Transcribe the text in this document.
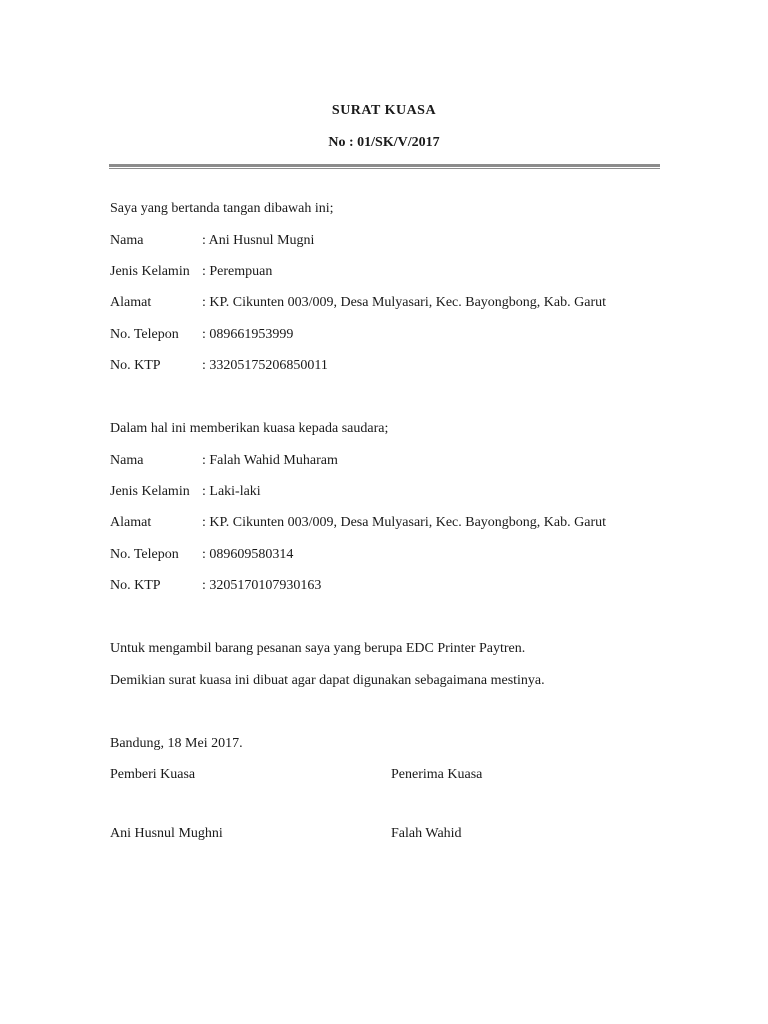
SURAT KUASA
No : 01/SK/V/2017
Saya yang bertanda tangan dibawah ini;
Nama	: Ani Husnul Mugni
Jenis Kelamin : Perempuan
Alamat	: KP. Cikunten 003/009, Desa Mulyasari, Kec. Bayongbong, Kab. Garut
No. Telepon : 089661953999
No. KTP	: 33205175206850011
Dalam hal ini memberikan kuasa kepada saudara;
Nama	: Falah Wahid Muharam
Jenis Kelamin : Laki-laki
Alamat	: KP. Cikunten 003/009, Desa Mulyasari, Kec. Bayongbong, Kab. Garut
No. Telepon : 089609580314
No. KTP	: 3205170107930163
Untuk mengambil barang pesanan saya yang berupa EDC Printer Paytren.
Demikian surat kuasa ini dibuat agar dapat digunakan sebagaimana mestinya.
Bandung, 18 Mei 2017.
Pemberi Kuasa	Penerima Kuasa
Ani Husnul Mughni	Falah Wahid
